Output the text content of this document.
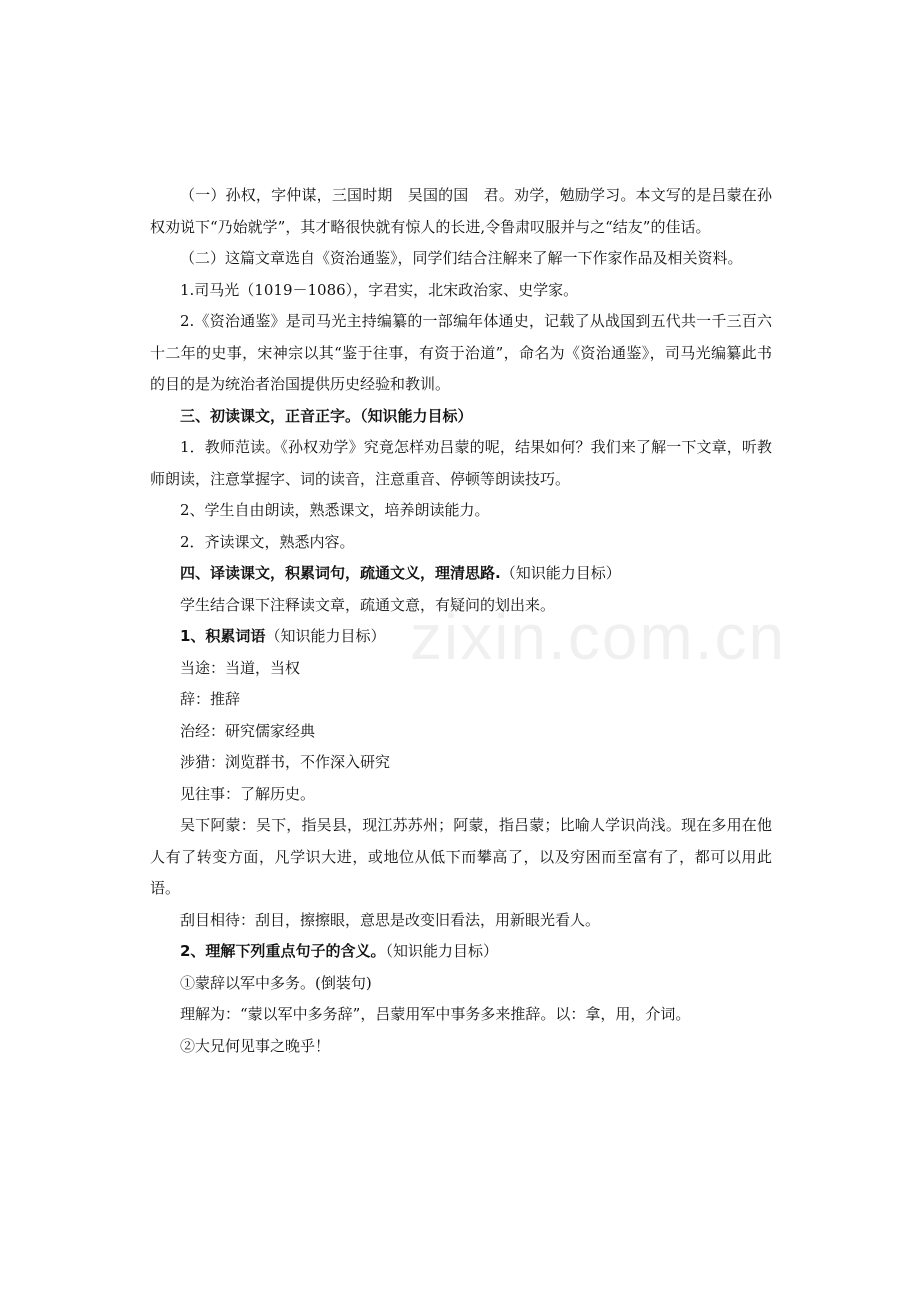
zixin.com.cn

（一）孙权，字仲谋，三国时期　吴国的国　君。劝学，勉励学习。本文写的是吕蒙在孙权劝说下“乃始就学”，其才略很快就有惊人的长进,令鲁肃叹服并与之“结友”的佳话。

（二）这篇文章选自《资治通鉴》，同学们结合注解来了解一下作家作品及相关资料。

1.司马光（1019－1086），字君实，北宋政治家、史学家。

2.《资治通鉴》是司马光主持编纂的一部编年体通史，记载了从战国到五代共一千三百六十二年的史事，宋神宗以其“鉴于往事，有资于治道”，命名为《资治通鉴》，司马光编纂此书的目的是为统治者治国提供历史经验和教训。

三、初读课文，正音正字。（知识能力目标）

1．教师范读。《孙权劝学》究竟怎样劝吕蒙的呢，结果如何？我们来了解一下文章，听教师朗读，注意掌握字、词的读音，注意重音、停顿等朗读技巧。

2、学生自由朗读，熟悉课文，培养朗读能力。

2．齐读课文，熟悉内容。

四、译读课文，积累词句，疏通文义，理清思路.（知识能力目标）

学生结合课下注释读文章，疏通文意，有疑问的划出来。

1、积累词语（知识能力目标）

当途：当道，当权

辞：推辞

治经：研究儒家经典

涉猎：浏览群书，不作深入研究

见往事：了解历史。

吴下阿蒙：吴下，指吴县，现江苏苏州；阿蒙，指吕蒙；比喻人学识尚浅。现在多用在他人有了转变方面，凡学识大进，或地位从低下而攀高了，以及穷困而至富有了，都可以用此语。

刮目相待：刮目，擦擦眼，意思是改变旧看法，用新眼光看人。

2、理解下列重点句子的含义。（知识能力目标）

①蒙辞以军中多务。(倒装句)

理解为：“蒙以军中多务辞”，吕蒙用军中事务多来推辞。以：拿，用，介词。

②大兄何见事之晚乎！
